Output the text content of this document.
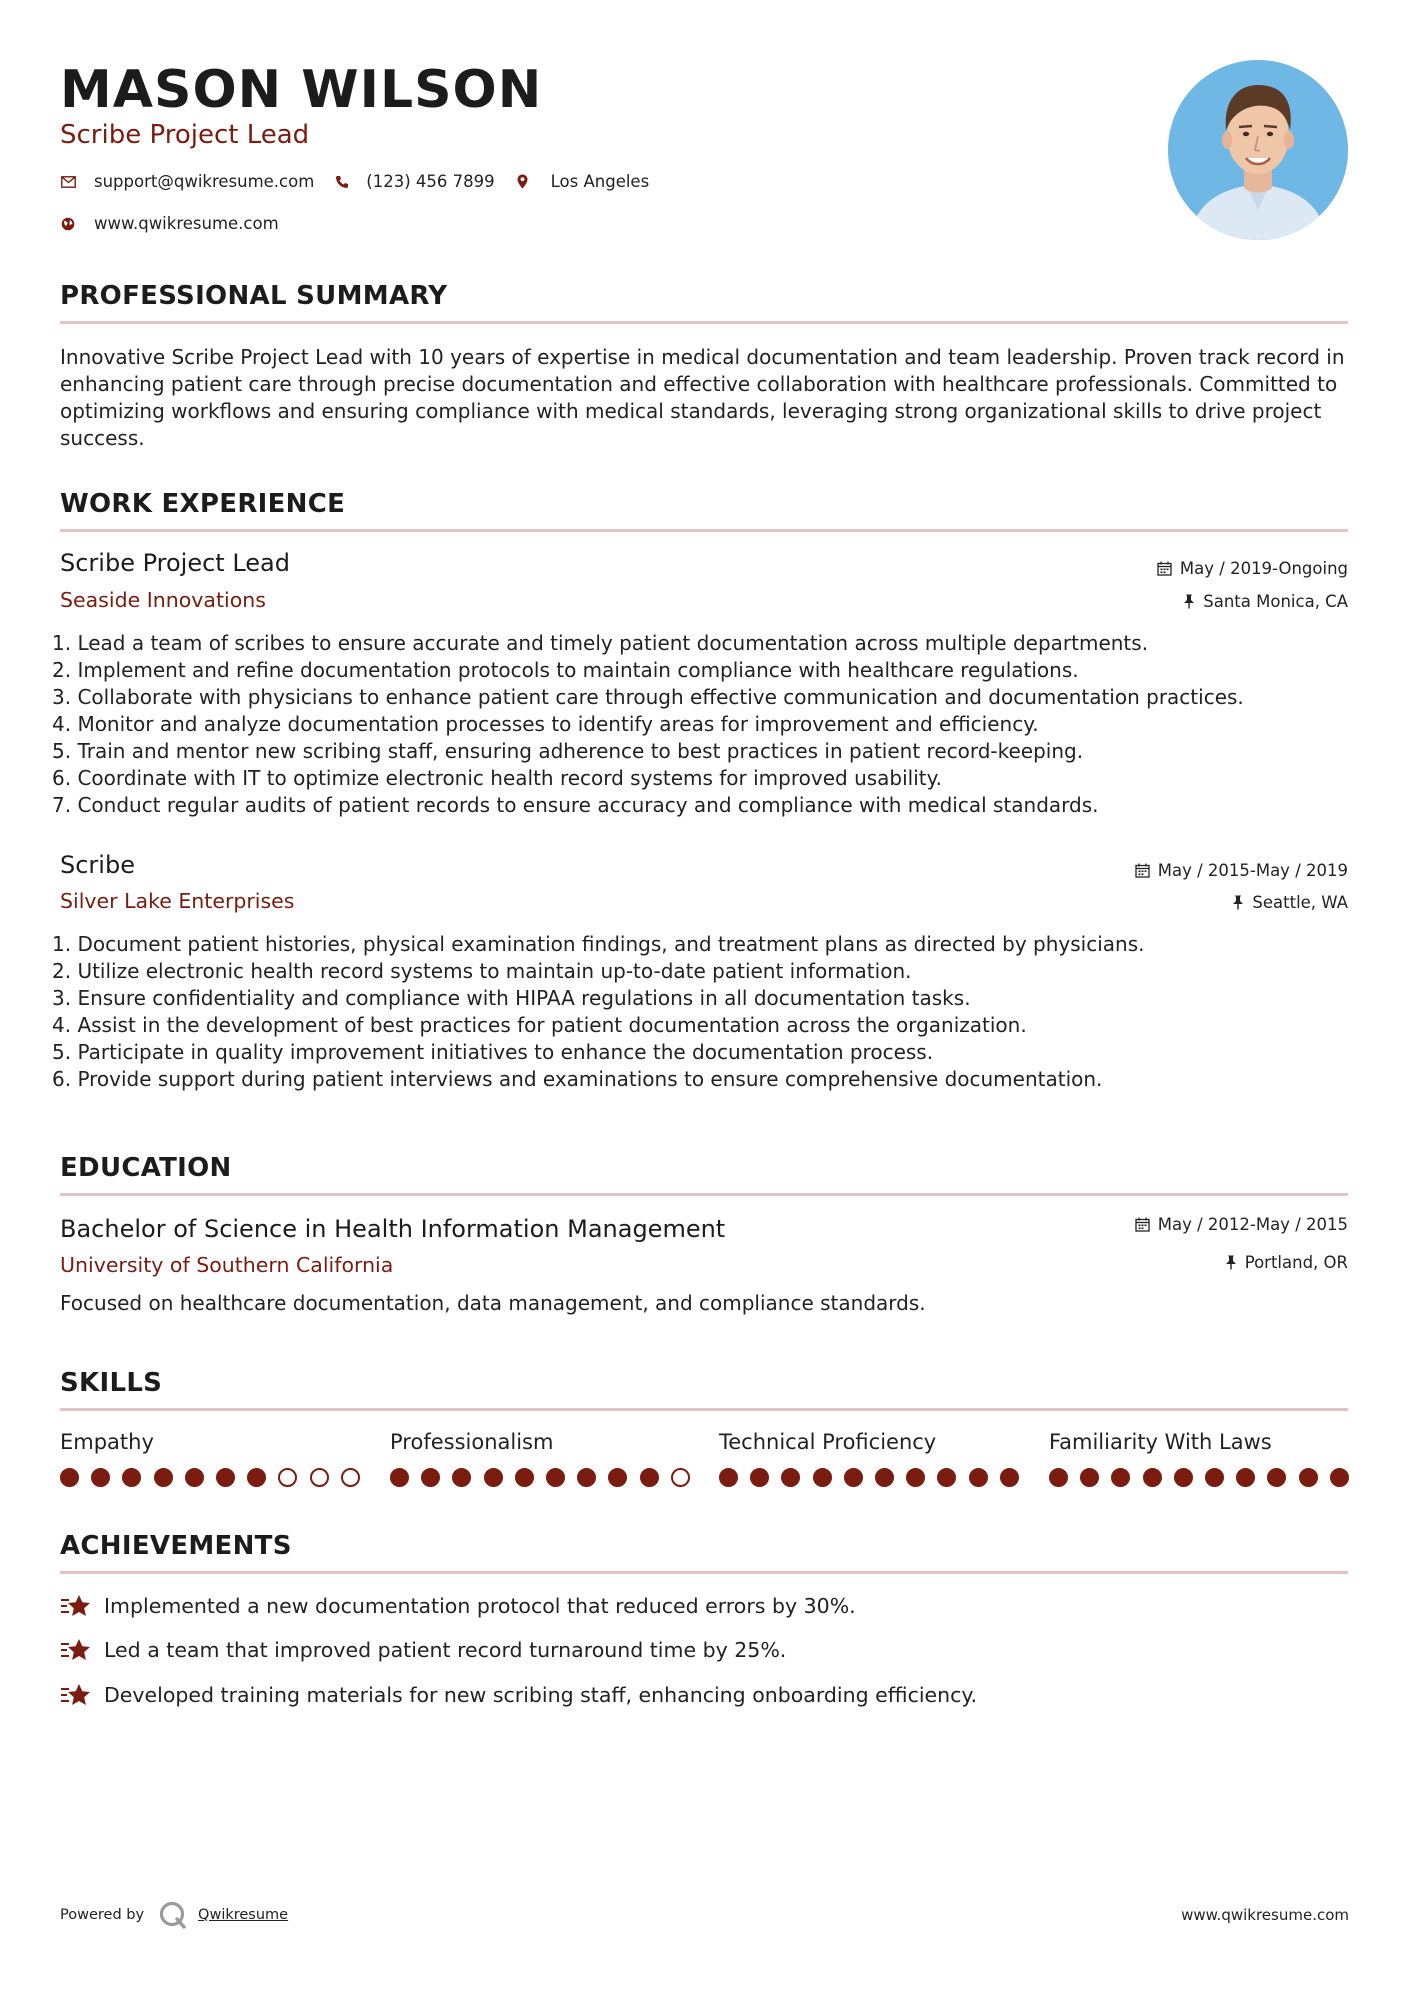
MASON WILSON
Scribe Project Lead
support@qwikresume.com	(123) 456 7899	Los Angeles
www.qwikresume.com
PROFESSIONAL SUMMARY
Innovative Scribe Project Lead with 10 years of expertise in medical documentation and team leadership. Proven track record in enhancing patient care through precise documentation and effective collaboration with healthcare professionals. Committed to optimizing workflows and ensuring compliance with medical standards, leveraging strong organizational skills to drive project success.
WORK EXPERIENCE
Scribe Project Lead	May / 2019-Ongoing
Seaside Innovations	Santa Monica, CA
1. Lead a team of scribes to ensure accurate and timely patient documentation across multiple departments.
2. Implement and refine documentation protocols to maintain compliance with healthcare regulations.
3. Collaborate with physicians to enhance patient care through effective communication and documentation practices.
4. Monitor and analyze documentation processes to identify areas for improvement and efficiency.
5. Train and mentor new scribing staff, ensuring adherence to best practices in patient record-keeping.
6. Coordinate with IT to optimize electronic health record systems for improved usability.
7. Conduct regular audits of patient records to ensure accuracy and compliance with medical standards.
Scribe	May / 2015-May / 2019
Silver Lake Enterprises	Seattle, WA
1. Document patient histories, physical examination findings, and treatment plans as directed by physicians.
2. Utilize electronic health record systems to maintain up-to-date patient information.
3. Ensure confidentiality and compliance with HIPAA regulations in all documentation tasks.
4. Assist in the development of best practices for patient documentation across the organization.
5. Participate in quality improvement initiatives to enhance the documentation process.
6. Provide support during patient interviews and examinations to ensure comprehensive documentation.
EDUCATION
Bachelor of Science in Health Information Management	May / 2012-May / 2015
University of Southern California	Portland, OR
Focused on healthcare documentation, data management, and compliance standards.
SKILLS
Empathy	Professionalism	Technical Proficiency	Familiarity With Laws
ACHIEVEMENTS
Implemented a new documentation protocol that reduced errors by 30%.
Led a team that improved patient record turnaround time by 25%.
Developed training materials for new scribing staff, enhancing onboarding efficiency.
Powered by	Qwikresume	www.qwikresume.com
